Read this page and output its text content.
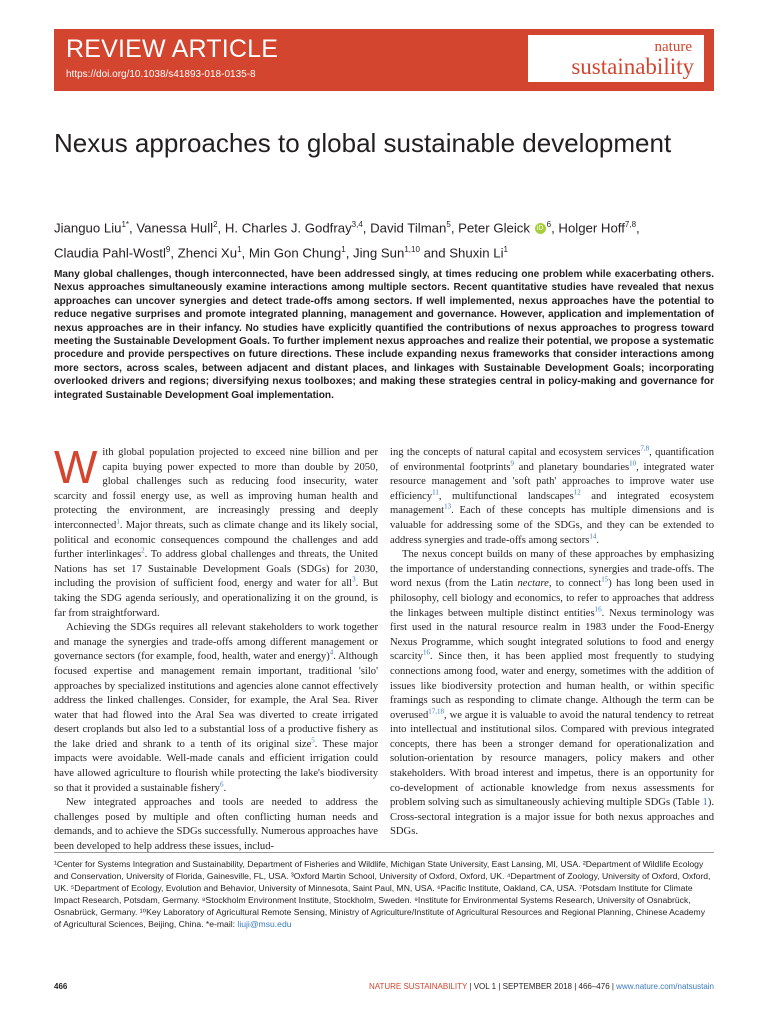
REVIEW ARTICLE
https://doi.org/10.1038/s41893-018-0135-8
nature
sustainability
Nexus approaches to global sustainable development
Jianguo Liu$^{1*}$, Vanessa Hull$^2$, H. Charles J. Godfray$^{3,4}$, David Tilman$^5$, Peter Gleick iD $^6$, Holger Hoff$^{7,8}$,
Claudia Pahl-Wostl$^9$, Zhenci Xu$^1$, Min Gon Chung$^1$, Jing Sun$^{1,10}$ and Shuxin Li$^1$
Many global challenges, though interconnected, have been addressed singly, at times reducing one problem while exacerbating others. Nexus approaches simultaneously examine interactions among multiple sectors. Recent quantitative studies have revealed that nexus approaches can uncover synergies and detect trade-offs among sectors. If well implemented, nexus approaches have the potential to reduce negative surprises and promote integrated planning, management and governance. However, application and implementation of nexus approaches are in their infancy. No studies have explicitly quantified the contributions of nexus approaches to progress toward meeting the Sustainable Development Goals. To further implement nexus approaches and realize their potential, we propose a systematic procedure and provide perspectives on future directions. These include expanding nexus frameworks that consider interactions among more sectors, across scales, between adjacent and distant places, and linkages with Sustainable Development Goals; incorporating overlooked drivers and regions; diversifying nexus toolboxes; and making these strategies central in policy-making and governance for integrated Sustainable Development Goal implementation.

With global population projected to exceed nine billion and per capita buying power expected to more than double by 2050, global challenges such as reducing food insecurity, water scarcity and fossil energy use, as well as improving human health and protecting the environment, are increasingly pressing and deeply interconnected$^1$. Major threats, such as climate change and its likely social, political and economic consequences compound the challenges and add further interlinkages$^2$. To address global challenges and threats, the United Nations has set 17 Sustainable Development Goals (SDGs) for 2030, including the provision of sufficient food, energy and water for all$^3$. But taking the SDG agenda seriously, and operationalizing it on the ground, is far from straightforward.

Achieving the SDGs requires all relevant stakeholders to work together and manage the synergies and trade-offs among different management or governance sectors (for example, food, health, water and energy)$^4$. Although focused expertise and management remain important, traditional 'silo' approaches by specialized institutions and agencies alone cannot effectively address the linked challenges. Consider, for example, the Aral Sea. River water that had flowed into the Aral Sea was diverted to create irrigated desert croplands but also led to a substantial loss of a productive fishery as the lake dried and shrank to a tenth of its original size$^5$. These major impacts were avoidable. Well-made canals and efficient irrigation could have allowed agriculture to flourish while protecting the lake's biodiversity so that it provided a sustainable fishery$^6$.

New integrated approaches and tools are needed to address the challenges posed by multiple and often conflicting human needs and demands, and to achieve the SDGs successfully. Numerous approaches have been developed to help address these issues, includ-

ing the concepts of natural capital and ecosystem services$^{7,8}$, quantification of environmental footprints$^9$ and planetary boundaries$^{10}$, integrated water resource management and 'soft path' approaches to improve water use efficiency$^{11}$, multifunctional landscapes$^{12}$ and integrated ecosystem management$^{13}$. Each of these concepts has multiple dimensions and is valuable for addressing some of the SDGs, and they can be extended to address synergies and trade-offs among sectors$^{14}$.

The nexus concept builds on many of these approaches by emphasizing the importance of understanding connections, synergies and trade-offs. The word nexus (from the Latin nectare, to connect$^{15}$) has long been used in philosophy, cell biology and economics, to refer to approaches that address the linkages between multiple distinct entities$^{16}$. Nexus terminology was first used in the natural resource realm in 1983 under the Food-Energy Nexus Programme, which sought integrated solutions to food and energy scarcity$^{16}$. Since then, it has been applied most frequently to studying connections among food, water and energy, sometimes with the addition of issues like biodiversity protection and human health, or within specific framings such as responding to climate change. Although the term can be overused$^{17,18}$, we argue it is valuable to avoid the natural tendency to retreat into intellectual and institutional silos. Compared with previous integrated concepts, there has been a stronger demand for operationalization and solution-orientation by resource managers, policy makers and other stakeholders. With broad interest and impetus, there is an opportunity for co-development of actionable knowledge from nexus assessments for problem solving such as simultaneously achieving multiple SDGs (Table 1). Cross-sectoral integration is a major issue for both nexus approaches and SDGs.

¹Center for Systems Integration and Sustainability, Department of Fisheries and Wildlife, Michigan State University, East Lansing, MI, USA. ²Department of Wildlife Ecology and Conservation, University of Florida, Gainesville, FL, USA. ³Oxford Martin School, University of Oxford, Oxford, UK. ⁴Department of Zoology, University of Oxford, Oxford, UK. ⁵Department of Ecology, Evolution and Behavior, University of Minnesota, Saint Paul, MN, USA. ⁶Pacific Institute, Oakland, CA, USA. ⁷Potsdam Institute for Climate Impact Research, Potsdam, Germany. ⁸Stockholm Environment Institute, Stockholm, Sweden. ⁹Institute for Environmental Systems Research, University of Osnabrück, Osnabrück, Germany. ¹⁰Key Laboratory of Agricultural Remote Sensing, Ministry of Agriculture/Institute of Agricultural Resources and Regional Planning, Chinese Academy of Agricultural Sciences, Beijing, China. *e-mail: liuji@msu.edu
466	NATURE SUSTAINABILITY | VOL 1 | SEPTEMBER 2018 | 466–476 | www.nature.com/natsustain
